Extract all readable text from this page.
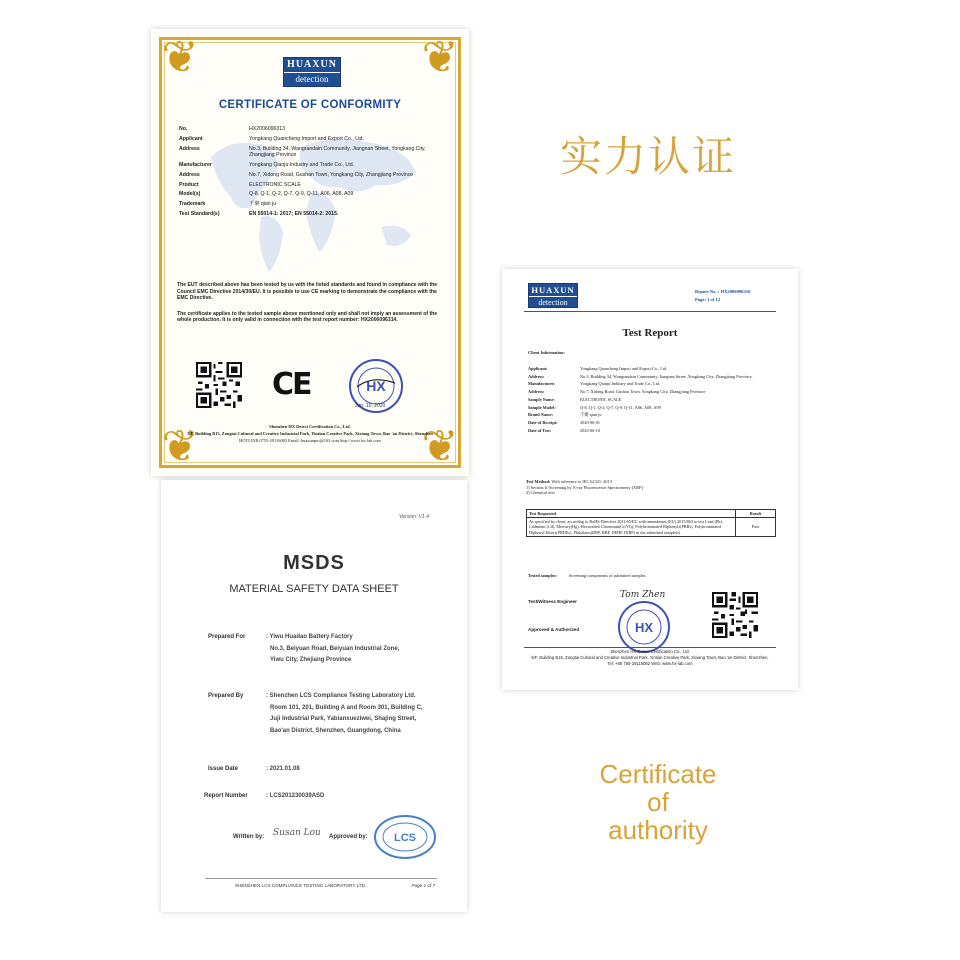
❦	❦
❦	❦
HUAXUN
detection
CERTIFICATE OF CONFORMITY
No.	HX2006096313
Applicant	Yongkang Quancheng Import and Export Co., Ltd.
Address	No.3, Building 34, Wangrandain Community, Jiangnan Street, Yongkang City, Zhangjiang Province
Manufacturer	Yongkang Qianju Industry and Trade Co., Ltd.
Address	No.7, Xidong Road, Gushan Town, Yongkang City, Zhangjiang Province
Product	ELECTRONIC SCALE
Model(s)	Q-8, Q-1, Q-2, Q-7, Q-9, Q-11, A06, A08, A09
Trademark	千聚 qian ju
Test Standard(s)	EN 55014-1: 2017; EN 55014-2: 2015.

The EUT described above has been tested by us with the listed standards and found in compliance with the Council EMC Directive 2014/30/EU. It is possible to use CE marking to demonstrate the compliance with the EMC Directive.

The certificate applies to the tested sample above mentioned only and shall not imply an assessment of the whole production. It is only valid in connection with the test report number: HX2006096314.

CE	HX
Jun. 10, 2020
Shenzhen HX Detect Certification Co., Ltd.
5/F, Building B15, Zongtai Cultural and Creative Industrial Park, Yintian Creative Park, Xixiang Town, Bao 'an District, Shenzhen
HOTLINE:0755-29116082 Email: huaxunpro@163.com http://www.hx-lab.com
实力认证
HUAXUN
detection
Report No. : HX2006096316
Page: 1 of 12
Test Report
Client Information:
Applicant:	Yongkang Quancheng Import and Export Co., Ltd.
Address:	No.3, Building 34, Wangrandain Community, Jiangnan Street, Yongkang City, Zhangjiang Province.
Manufacturer:	Yongkang Qianju Industry and Trade Co., Ltd.
Address:	No.7, Xidong Road, Gushan Town, Yongkang City, Zhangjiang Province
Sample Name:	ELECTRONIC SCALE
Sample Model:	Q-8, Q-1, Q-2, Q-7, Q-9, Q-11, A06, A08, A09
Brand Name:	千聚 qian ju
Date of Receipt:	2020-06-01
Date of Test:	2020-06-10
Test Method: With reference to IEC 62321: 2013
1) Section 6: Screening by X-ray Fluorescence Spectrometry (XRF)
2) Chemical test:
Test Requested	Result
As specified by client, according to RoHS Directive 2011/65/EU with amendment (EU) 2015/863 to test Lead (Pb), Cadmium (Cd), Mercury(Hg), Hexavalent Chromium(Cr(VI)), Polybrominated Biphenyls(PBBs), Polybrominated Diphenyl Ethers(PBDEs), Phthalates(DBP, BBP, DEHP, DIBP) in the submitted sample(s)	Pass
Tested samples:	Screening components of submitted samples.
Test/Witness Engineer
Approved & Authorized
Tom Zhen
HX
Shenzhen HX Detect Certification Co., Ltd.
5/F, Building B15, Zongtai Cultural and Creative Industrial Park, Yintian Creative Park, Xixiang Town, Bao 'an District, Shenzhen.
Tel: +86 755-29116082 Web: www.hx-lab.com
Version: V1.4
MSDS
MATERIAL SAFETY DATA SHEET
Prepared For	: Yiwu Huadao Battery Factory
No.3, Beiyuan Road, Beiyuan Industrial Zone,
Yiwu City, Zhejiang Province
Prepared By	: Shenzhen LCS Compliance Testing Laboratory Ltd.
Room 101, 201, Building A and Room 301, Building C,
Juji Industrial Park, Yabianxueziwei, Shajing Street,
Bao'an District, Shenzhen, Guangdong, China
Issue Date	: 2021.01.08
Report Number	: LCS201230039ASD
Written by: Susan Lou Approved by: LCS
SHENZHEN LCS COMPLIANCE TESTING LABORATORY LTD.	Page 1 of 7
Certificate
of
authority
